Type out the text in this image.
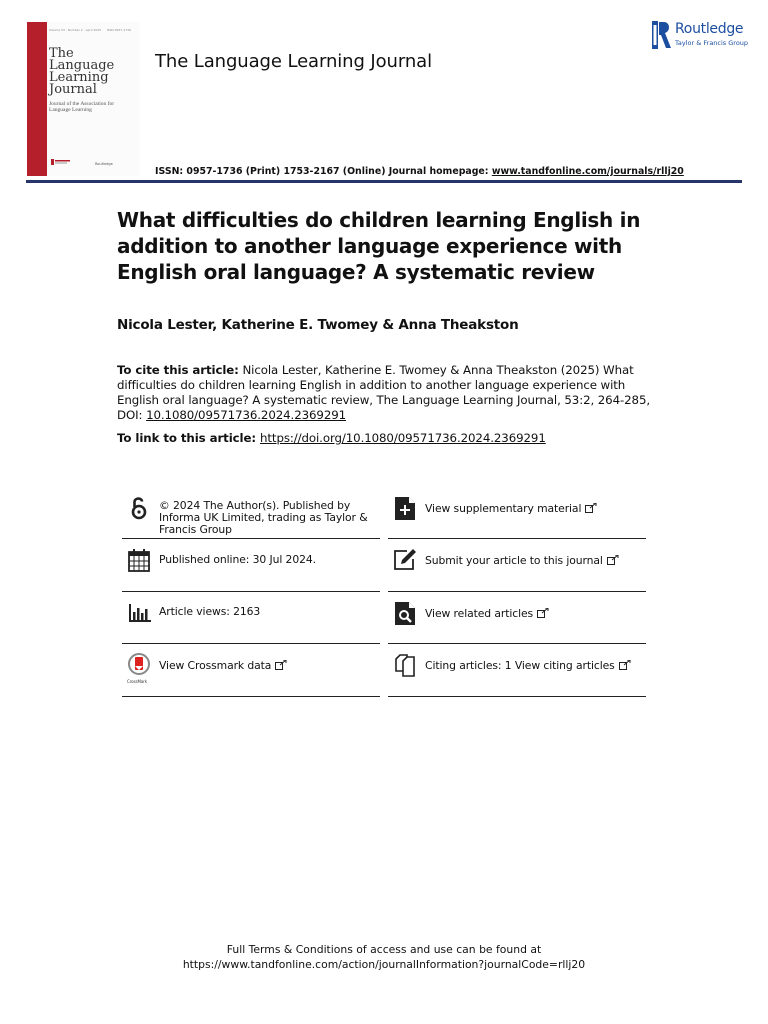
Volume 53 · Number 2 · April 2025      ISSN 0957-1736
The
Language
Learning
Journal
Journal of the Association for Language Learning
Routledge
The Language Learning Journal
Routledge
Taylor & Francis Group
ISSN: 0957-1736 (Print) 1753-2167 (Online) Journal homepage: www.tandfonline.com/journals/rllj20
What difficulties do children learning English in addition to another language experience with English oral language? A systematic review
Nicola Lester, Katherine E. Twomey & Anna Theakston
To cite this article: Nicola Lester, Katherine E. Twomey & Anna Theakston (2025) What difficulties do children learning English in addition to another language experience with English oral language? A systematic review, The Language Learning Journal, 53:2, 264-285, DOI: 10.1080/09571736.2024.2369291
To link to this article: https://doi.org/10.1080/09571736.2024.2369291
© 2024 The Author(s). Published by Informa UK Limited, trading as Taylor & Francis Group
Published online: 30 Jul 2024.
Article views: 2163
View Crossmark data
CrossMark
View supplementary material
Submit your article to this journal
View related articles
Citing articles: 1 View citing articles
Full Terms & Conditions of access and use can be found at
https://www.tandfonline.com/action/journalInformation?journalCode=rllj20
